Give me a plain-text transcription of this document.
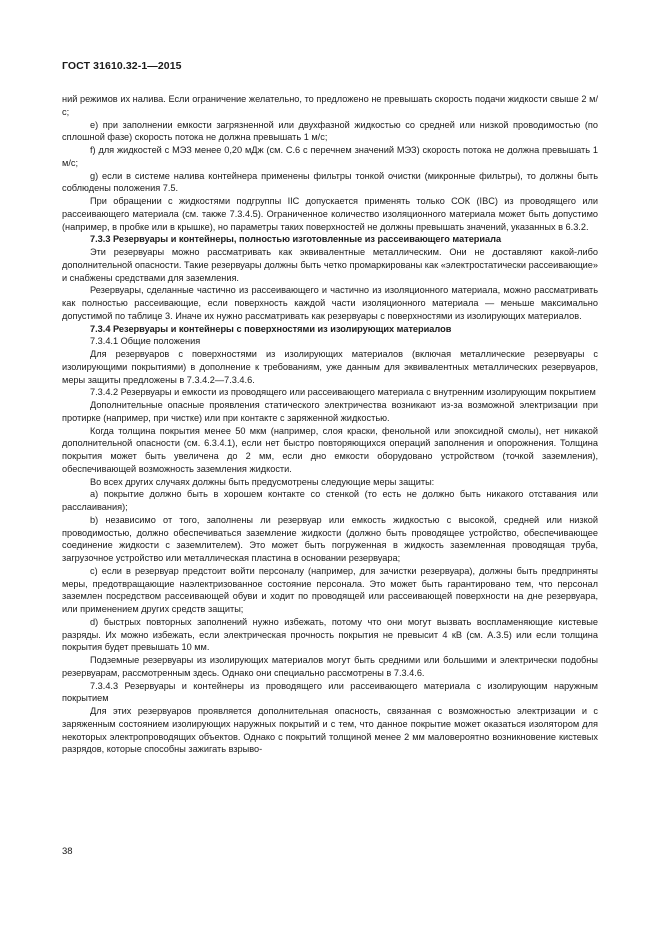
ГОСТ 31610.32-1—2015

ний режимов их налива. Если ограничение желательно, то предложено не превышать скорость подачи жидкости свыше 2 м/с;

e) при заполнении емкости загрязненной или двухфазной жидкостью со средней или низкой проводимостью (по сплошной фазе) скорость потока не должна превышать 1 м/с;

f) для жидкостей с МЭЗ менее 0,20 мДж (см. С.6 с перечнем значений МЭЗ) скорость потока не должна превышать 1 м/с;

g) если в системе налива контейнера применены фильтры тонкой очистки (микронные фильтры), то должны быть соблюдены положения 7.5.

При обращении с жидкостями подгруппы IIC допускается применять только СОК (IBC) из проводящего или рассеивающего материала (см. также 7.3.4.5). Ограниченное количество изоляционного материала может быть допустимо (например, в пробке или в крышке), но параметры таких поверхностей не должны превышать значений, указанных в 6.3.2.

7.3.3 Резервуары и контейнеры, полностью изготовленные из рассеивающего материала

Эти резервуары можно рассматривать как эквивалентные металлическим. Они не доставляют какой-либо дополнительной опасности. Такие резервуары должны быть четко промаркированы как «электростатически рассеивающие» и снабжены средствами для заземления.

Резервуары, сделанные частично из рассеивающего и частично из изоляционного материала, можно рассматривать как полностью рассеивающие, если поверхность каждой части изоляционного материала — меньше максимально допустимой по таблице 3. Иначе их нужно рассматривать как резервуары с поверхностями из изолирующих материалов.

7.3.4 Резервуары и контейнеры с поверхностями из изолирующих материалов

7.3.4.1 Общие положения

Для резервуаров с поверхностями из изолирующих материалов (включая металлические резервуары с изолирующими покрытиями) в дополнение к требованиям, уже данным для эквивалентных металлических резервуаров, меры защиты предложены в 7.3.4.2—7.3.4.6.

7.3.4.2 Резервуары и емкости из проводящего или рассеивающего материала с внутренним изолирующим покрытием

Дополнительные опасные проявления статического электричества возникают из-за возможной электризации при протирке (например, при чистке) или при контакте с заряженной жидкостью.

Когда толщина покрытия менее 50 мкм (например, слоя краски, фенольной или эпоксидной смолы), нет никакой дополнительной опасности (см. 6.3.4.1), если нет быстро повторяющихся операций заполнения и опорожнения. Толщина покрытия может быть увеличена до 2 мм, если дно емкости оборудовано устройством (точкой заземления), обеспечивающей возможность заземления жидкости.

Во всех других случаях должны быть предусмотрены следующие меры защиты:

a) покрытие должно быть в хорошем контакте со стенкой (то есть не должно быть никакого отставания или расслаивания);

b) независимо от того, заполнены ли резервуар или емкость жидкостью с высокой, средней или низкой проводимостью, должно обеспечиваться заземление жидкости (должно быть проводящее устройство, обеспечивающее соединение жидкости с заземлителем). Это может быть погруженная в жидкость заземленная проводящая труба, загрузочное устройство или металлическая пластина в основании резервуара;

c) если в резервуар предстоит войти персоналу (например, для зачистки резервуара), должны быть предприняты меры, предотвращающие наэлектризованное состояние персонала. Это может быть гарантировано тем, что персонал заземлен посредством рассеивающей обуви и ходит по проводящей или рассеивающей поверхности на дне резервуара, или применением других средств защиты;

d) быстрых повторных заполнений нужно избежать, потому что они могут вызвать воспламеняющие кистевые разряды. Их можно избежать, если электрическая прочность покрытия не превысит 4 кВ (см. А.3.5) или если толщина покрытия будет превышать 10 мм.

Подземные резервуары из изолирующих материалов могут быть средними или большими и электрически подобны резервуарам, рассмотренным здесь. Однако они специально рассмотрены в 7.3.4.6.

7.3.4.3 Резервуары и контейнеры из проводящего или рассеивающего материала с изолирующим наружным покрытием

Для этих резервуаров проявляется дополнительная опасность, связанная с возможностью электризации и с заряженным состоянием изолирующих наружных покрытий и с тем, что данное покрытие может оказаться изолятором для некоторых электропроводящих объектов. Однако с покрытий толщиной менее 2 мм маловероятно возникновение кистевых разрядов, которые способны зажигать взрыво-

38
